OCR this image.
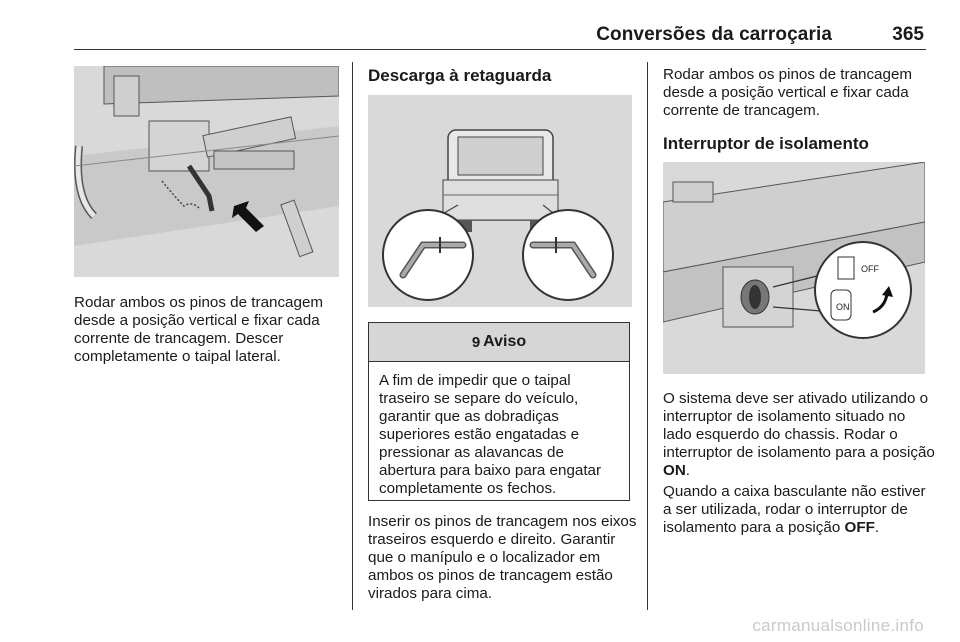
Conversões da carroçaria	365

Rodar ambos os pinos de trancagem desde a posição vertical e fixar cada corrente de trancagem. Descer completamente o taipal lateral.

Descarga à retaguarda
9 Aviso

A fim de impedir que o taipal traseiro se separe do veículo, garantir que as dobradiças superiores estão engatadas e pressionar as alavancas de abertura para baixo para engatar completamente os fechos.

Inserir os pinos de trancagem nos eixos traseiros esquerdo e direito. Garantir que o manípulo e o localizador em ambos os pinos de trancagem estão virados para cima.

Rodar ambos os pinos de trancagem desde a posição vertical e fixar cada corrente de trancagem.

Interruptor de isolamento
OFF
ON

O sistema deve ser ativado utilizando o interruptor de isolamento situado no lado esquerdo do chassis. Rodar o interruptor de isolamento para a posição ON.

Quando a caixa basculante não estiver a ser utilizada, rodar o interruptor de isolamento para a posição OFF.

carmanualsonline.info
